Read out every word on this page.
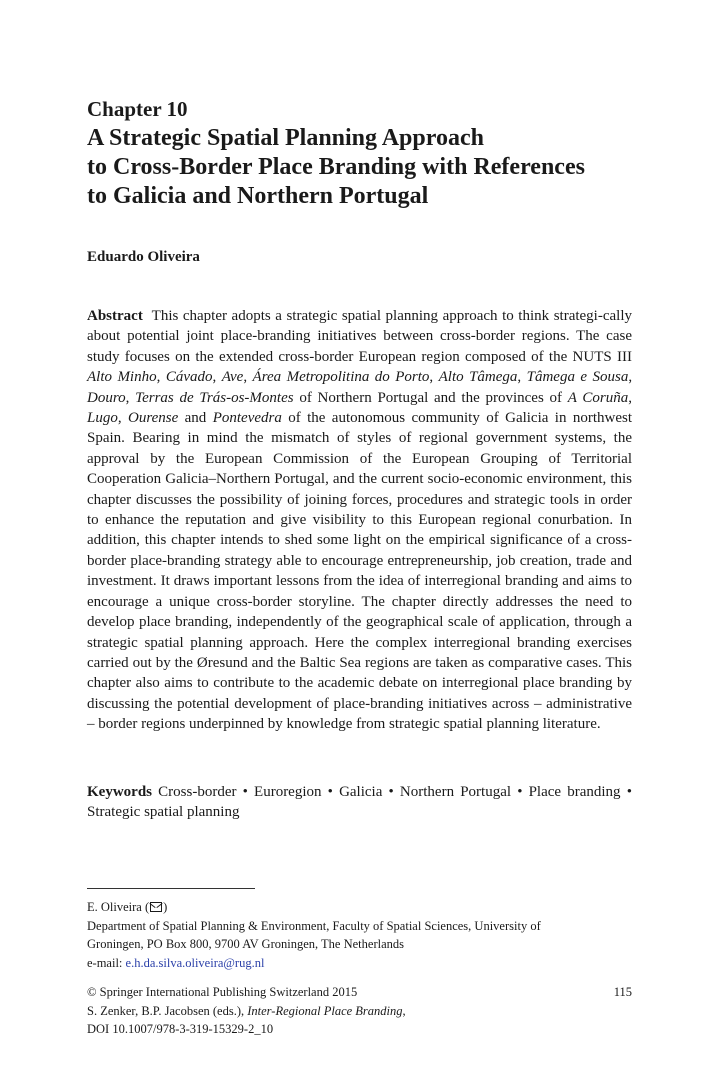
Chapter 10
A Strategic Spatial Planning Approach
to Cross-Border Place Branding with References
to Galicia and Northern Portugal

Eduardo Oliveira

Abstract This chapter adopts a strategic spatial planning approach to think strategi-cally about potential joint place-branding initiatives between cross-border regions. The case study focuses on the extended cross-border European region composed of the NUTS III Alto Minho, Cávado, Ave, Área Metropolitina do Porto, Alto Tâmega, Tâmega e Sousa, Douro, Terras de Trás-os-Montes of Northern Portugal and the provinces of A Coruña, Lugo, Ourense and Pontevedra of the autonomous community of Galicia in northwest Spain. Bearing in mind the mismatch of styles of regional government systems, the approval by the European Commission of the European Grouping of Territorial Cooperation Galicia–Northern Portugal, and the current socio-economic environment, this chapter discusses the possibility of joining forces, procedures and strategic tools in order to enhance the reputation and give visibility to this European regional conurbation. In addition, this chapter intends to shed some light on the empirical significance of a cross-border place-branding strategy able to encourage entrepreneurship, job creation, trade and investment. It draws important lessons from the idea of interregional branding and aims to encourage a unique cross-border storyline. The chapter directly addresses the need to develop place branding, independently of the geographical scale of application, through a strategic spatial planning approach. Here the complex interregional branding exercises carried out by the Øresund and the Baltic Sea regions are taken as comparative cases. This chapter also aims to contribute to the academic debate on interregional place branding by discussing the potential development of place-branding initiatives across – administrative – border regions underpinned by knowledge from strategic spatial planning literature.

Keywords Cross-border • Euroregion • Galicia • Northern Portugal • Place branding • Strategic spatial planning

E. Oliveira ( )
Department of Spatial Planning & Environment, Faculty of Spatial Sciences, University of
Groningen, PO Box 800, 9700 AV Groningen, The Netherlands
e-mail: e.h.da.silva.oliveira@rug.nl
© Springer International Publishing Switzerland 2015
S. Zenker, B.P. Jacobsen (eds.), Inter-Regional Place Branding,
DOI 10.1007/978-3-319-15329-2_10
115
